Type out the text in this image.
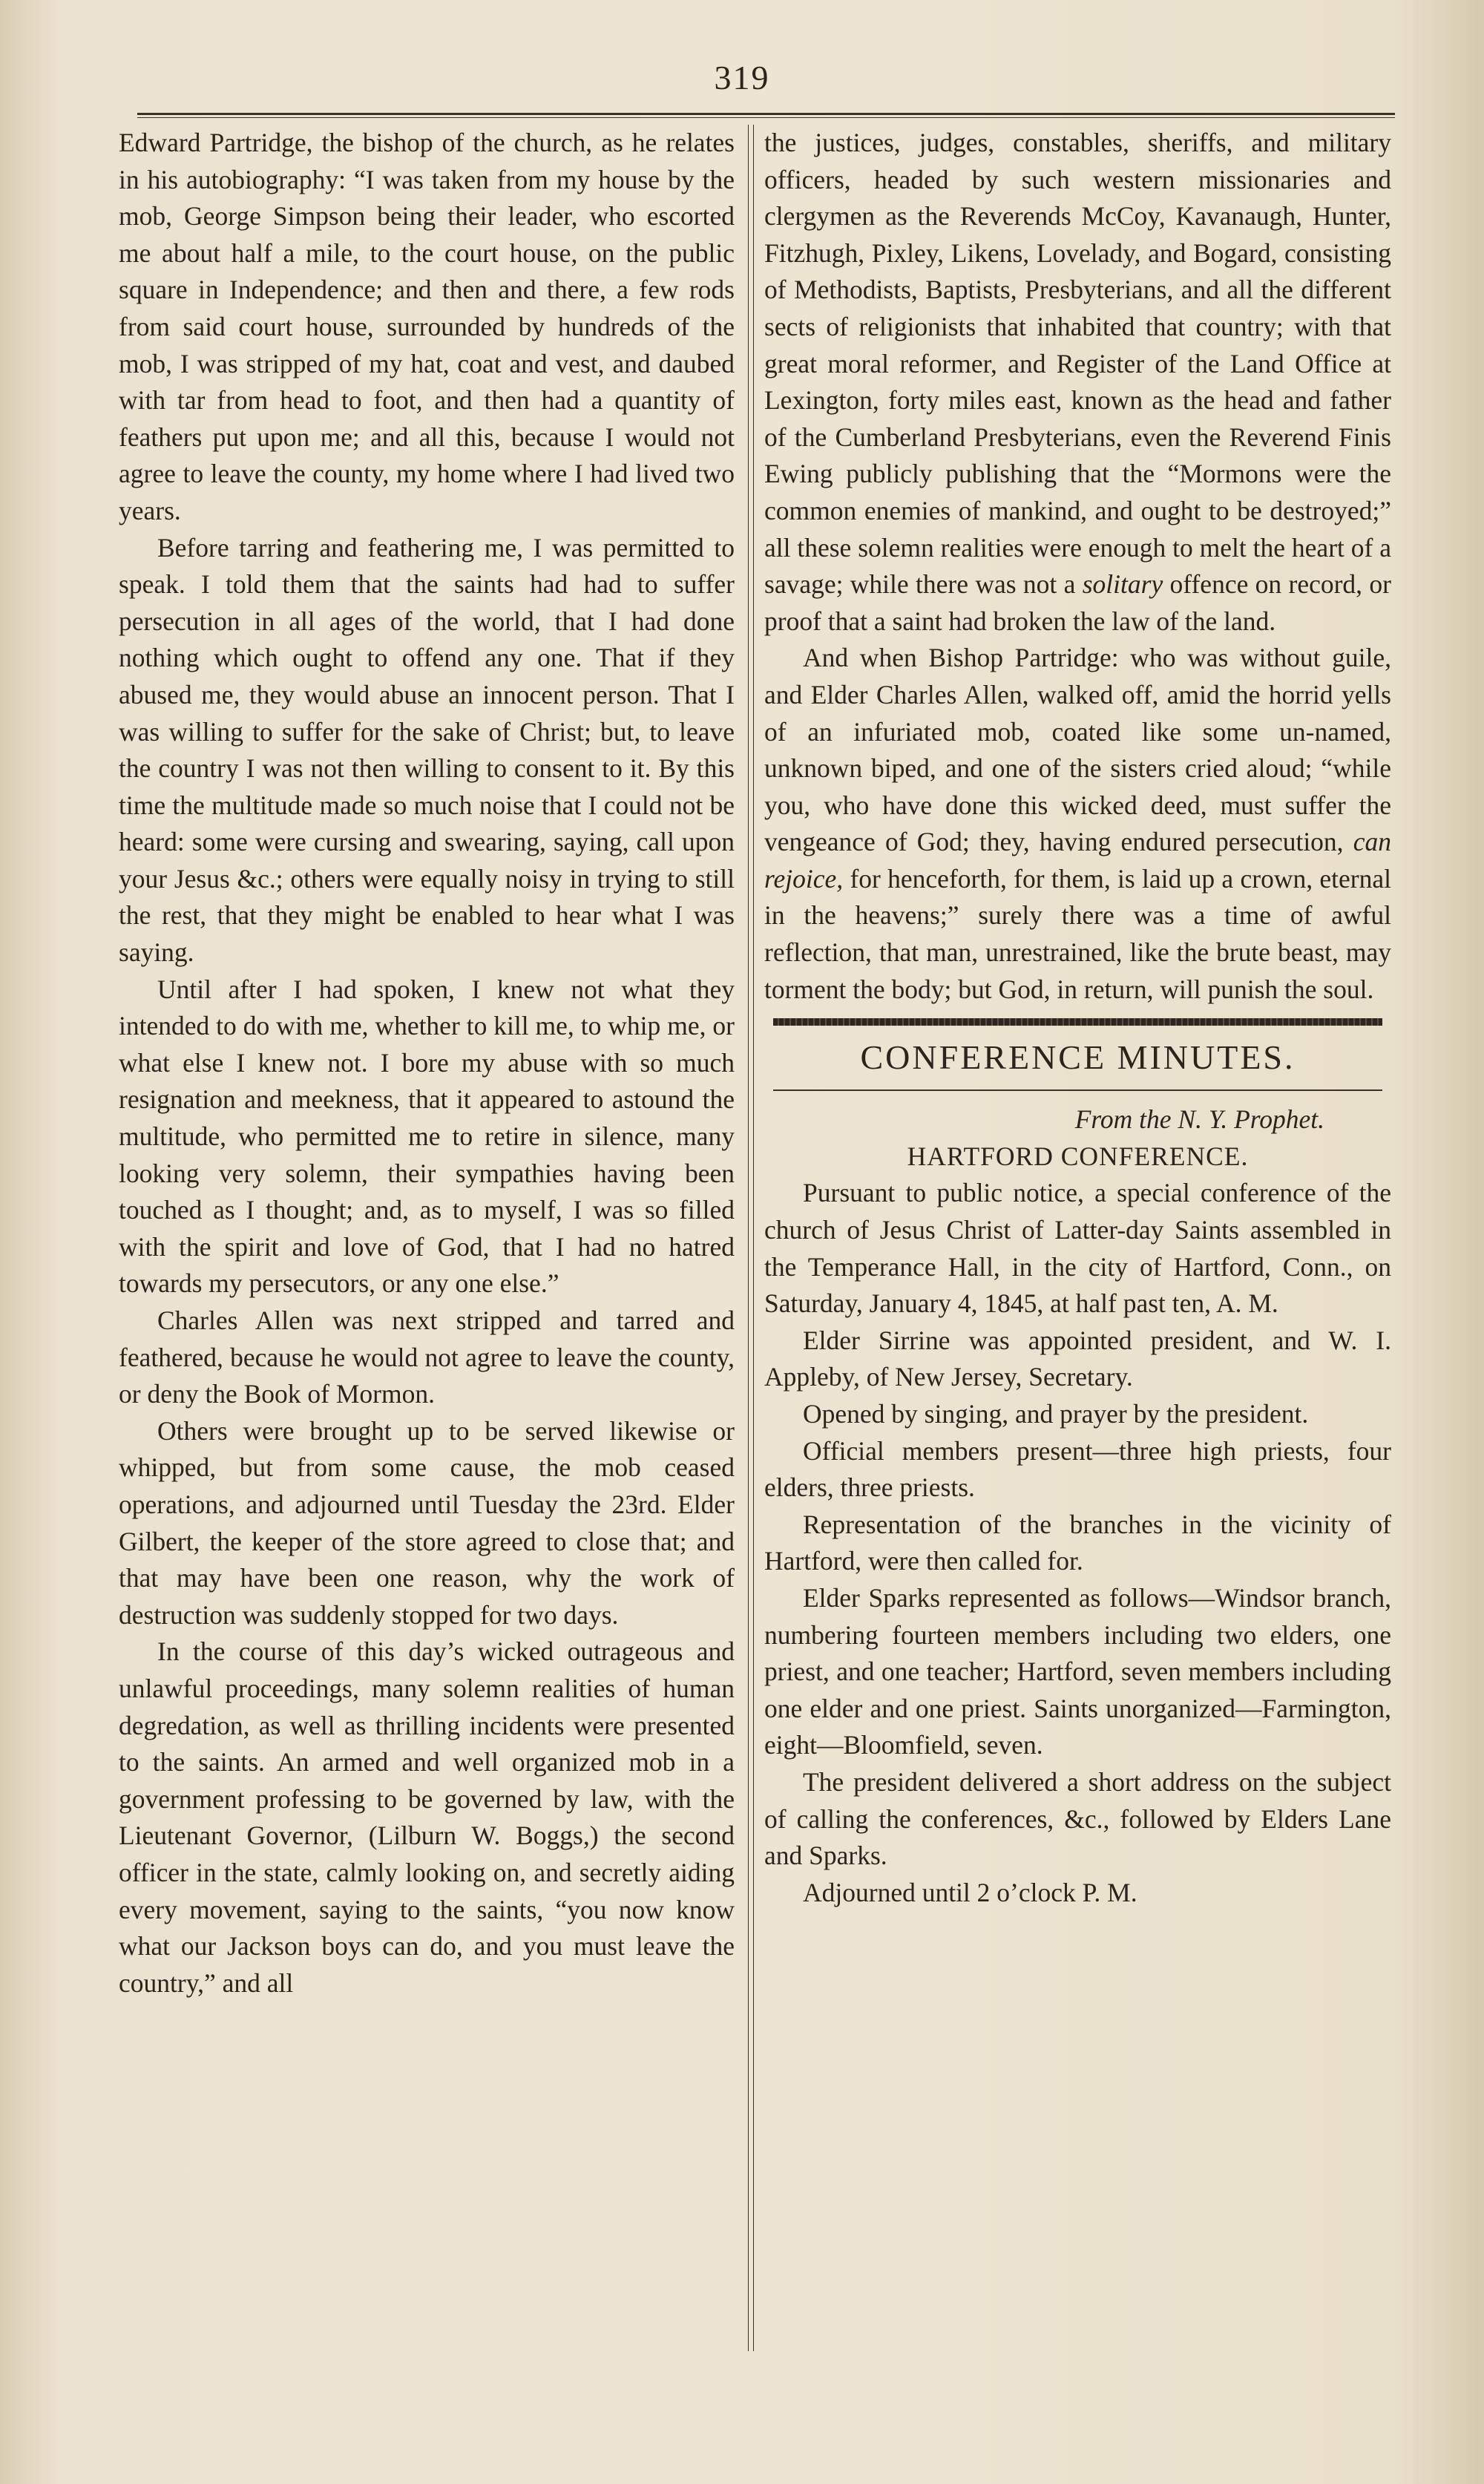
319

Edward Partridge, the bishop of the church, as he relates in his autobiography: “I was taken from my house by the mob, George Simpson being their leader, who escorted me about half a mile, to the court house, on the public square in Independence; and then and there, a few rods from said court house, surrounded by hundreds of the mob, I was stripped of my hat, coat and vest, and daubed with tar from head to foot, and then had a quantity of feathers put upon me; and all this, because I would not agree to leave the county, my home where I had lived two years.

Before tarring and feathering me, I was permitted to speak. I told them that the saints had had to suffer persecution in all ages of the world, that I had done nothing which ought to offend any one. That if they abused me, they would abuse an innocent person. That I was willing to suffer for the sake of Christ; but, to leave the country I was not then willing to consent to it. By this time the multitude made so much noise that I could not be heard: some were cursing and swearing, saying, call upon your Jesus &c.; others were equally noisy in trying to still the rest, that they might be enabled to hear what I was saying.

Until after I had spoken, I knew not what they intended to do with me, whether to kill me, to whip me, or what else I knew not. I bore my abuse with so much resignation and meekness, that it appeared to astound the multitude, who permitted me to retire in silence, many looking very solemn, their sympathies having been touched as I thought; and, as to myself, I was so filled with the spirit and love of God, that I had no hatred towards my persecutors, or any one else.”

Charles Allen was next stripped and tarred and feathered, because he would not agree to leave the county, or deny the Book of Mormon.

Others were brought up to be served likewise or whipped, but from some cause, the mob ceased operations, and adjourned until Tuesday the 23rd. Elder Gilbert, the keeper of the store agreed to close that; and that may have been one reason, why the work of destruction was suddenly stopped for two days.

In the course of this day’s wicked outrageous and unlawful proceedings, many solemn realities of human degredation, as well as thrilling incidents were presented to the saints. An armed and well organized mob in a government professing to be governed by law, with the Lieutenant Governor, (Lilburn W. Boggs,) the second officer in the state, calmly looking on, and secretly aiding every movement, saying to the saints, “you now know what our Jackson boys can do, and you must leave the country,” and all

the justices, judges, constables, sheriffs, and military officers, headed by such western missionaries and clergymen as the Reverends McCoy, Kavanaugh, Hunter, Fitzhugh, Pixley, Likens, Lovelady, and Bogard, consisting of Methodists, Baptists, Presbyterians, and all the different sects of religionists that inhabited that country; with that great moral reformer, and Register of the Land Office at Lexington, forty miles east, known as the head and father of the Cumberland Presbyterians, even the Reverend Finis Ewing publicly publishing that the “Mormons were the common enemies of mankind, and ought to be destroyed;” all these solemn realities were enough to melt the heart of a savage; while there was not a solitary offence on record, or proof that a saint had broken the law of the land.

And when Bishop Partridge: who was without guile, and Elder Charles Allen, walked off, amid the horrid yells of an infuriated mob, coated like some un-named, unknown biped, and one of the sisters cried aloud; “while you, who have done this wicked deed, must suffer the vengeance of God; they, having endured persecution, can rejoice, for henceforth, for them, is laid up a crown, eternal in the heavens;” surely there was a time of awful reflection, that man, unrestrained, like the brute beast, may torment the body; but God, in return, will punish the soul.

CONFERENCE MINUTES.

From the N. Y. Prophet.

HARTFORD CONFERENCE.

Pursuant to public notice, a special conference of the church of Jesus Christ of Latter-day Saints assembled in the Temperance Hall, in the city of Hartford, Conn., on Saturday, January 4, 1845, at half past ten, A. M.

Elder Sirrine was appointed president, and W. I. Appleby, of New Jersey, Secretary.

Opened by singing, and prayer by the president.

Official members present—three high priests, four elders, three priests.

Representation of the branches in the vicinity of Hartford, were then called for.

Elder Sparks represented as follows—Windsor branch, numbering fourteen members including two elders, one priest, and one teacher; Hartford, seven members including one elder and one priest. Saints unorganized—Farmington, eight—Bloomfield, seven.

The president delivered a short address on the subject of calling the conferences, &c., followed by Elders Lane and Sparks.

Adjourned until 2 o’clock P. M.
